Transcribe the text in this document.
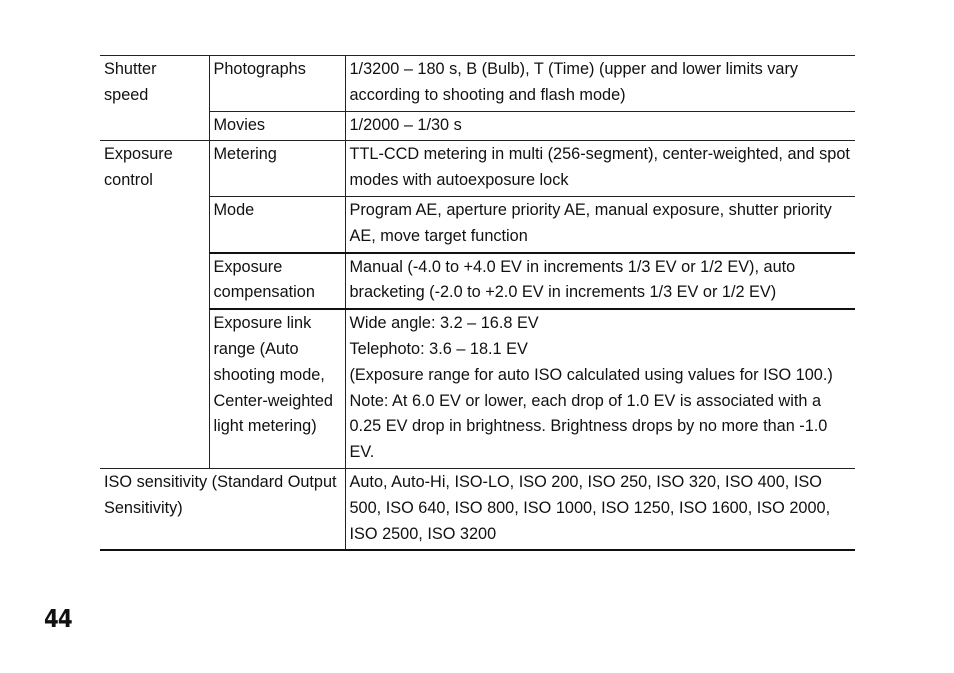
Shutter speed	Photographs	1/3200 – 180 s, B (Bulb), T (Time) (upper and lower limits vary according to shooting and flash mode)
	Movies	1/2000 – 1/30 s
Exposure control	Metering	TTL-CCD metering in multi (256-segment), center-weighted, and spot modes with autoexposure lock
	Mode	Program AE, aperture priority AE, manual exposure, shutter priority AE, move target function
	Exposure compensation	Manual (-4.0 to +4.0 EV in increments 1/3 EV or 1/2 EV), auto bracketing (-2.0 to +2.0 EV in increments 1/3 EV or 1/2 EV)
	Exposure link range (Auto shooting mode, Center-weighted light metering)	Wide angle: 3.2 – 16.8 EV
Telephoto: 3.6 – 18.1 EV
(Exposure range for auto ISO calculated using values for ISO 100.)
Note: At 6.0 EV or lower, each drop of 1.0 EV is associated with a 0.25 EV drop in brightness. Brightness drops by no more than -1.0 EV.

ISO sensitivity (Standard Output Sensitivity)		Auto, Auto-Hi, ISO-LO, ISO 200, ISO 250, ISO 320, ISO 400, ISO 500, ISO 640, ISO 800, ISO 1000, ISO 1250, ISO 1600, ISO 2000, ISO 2500, ISO 3200
44
